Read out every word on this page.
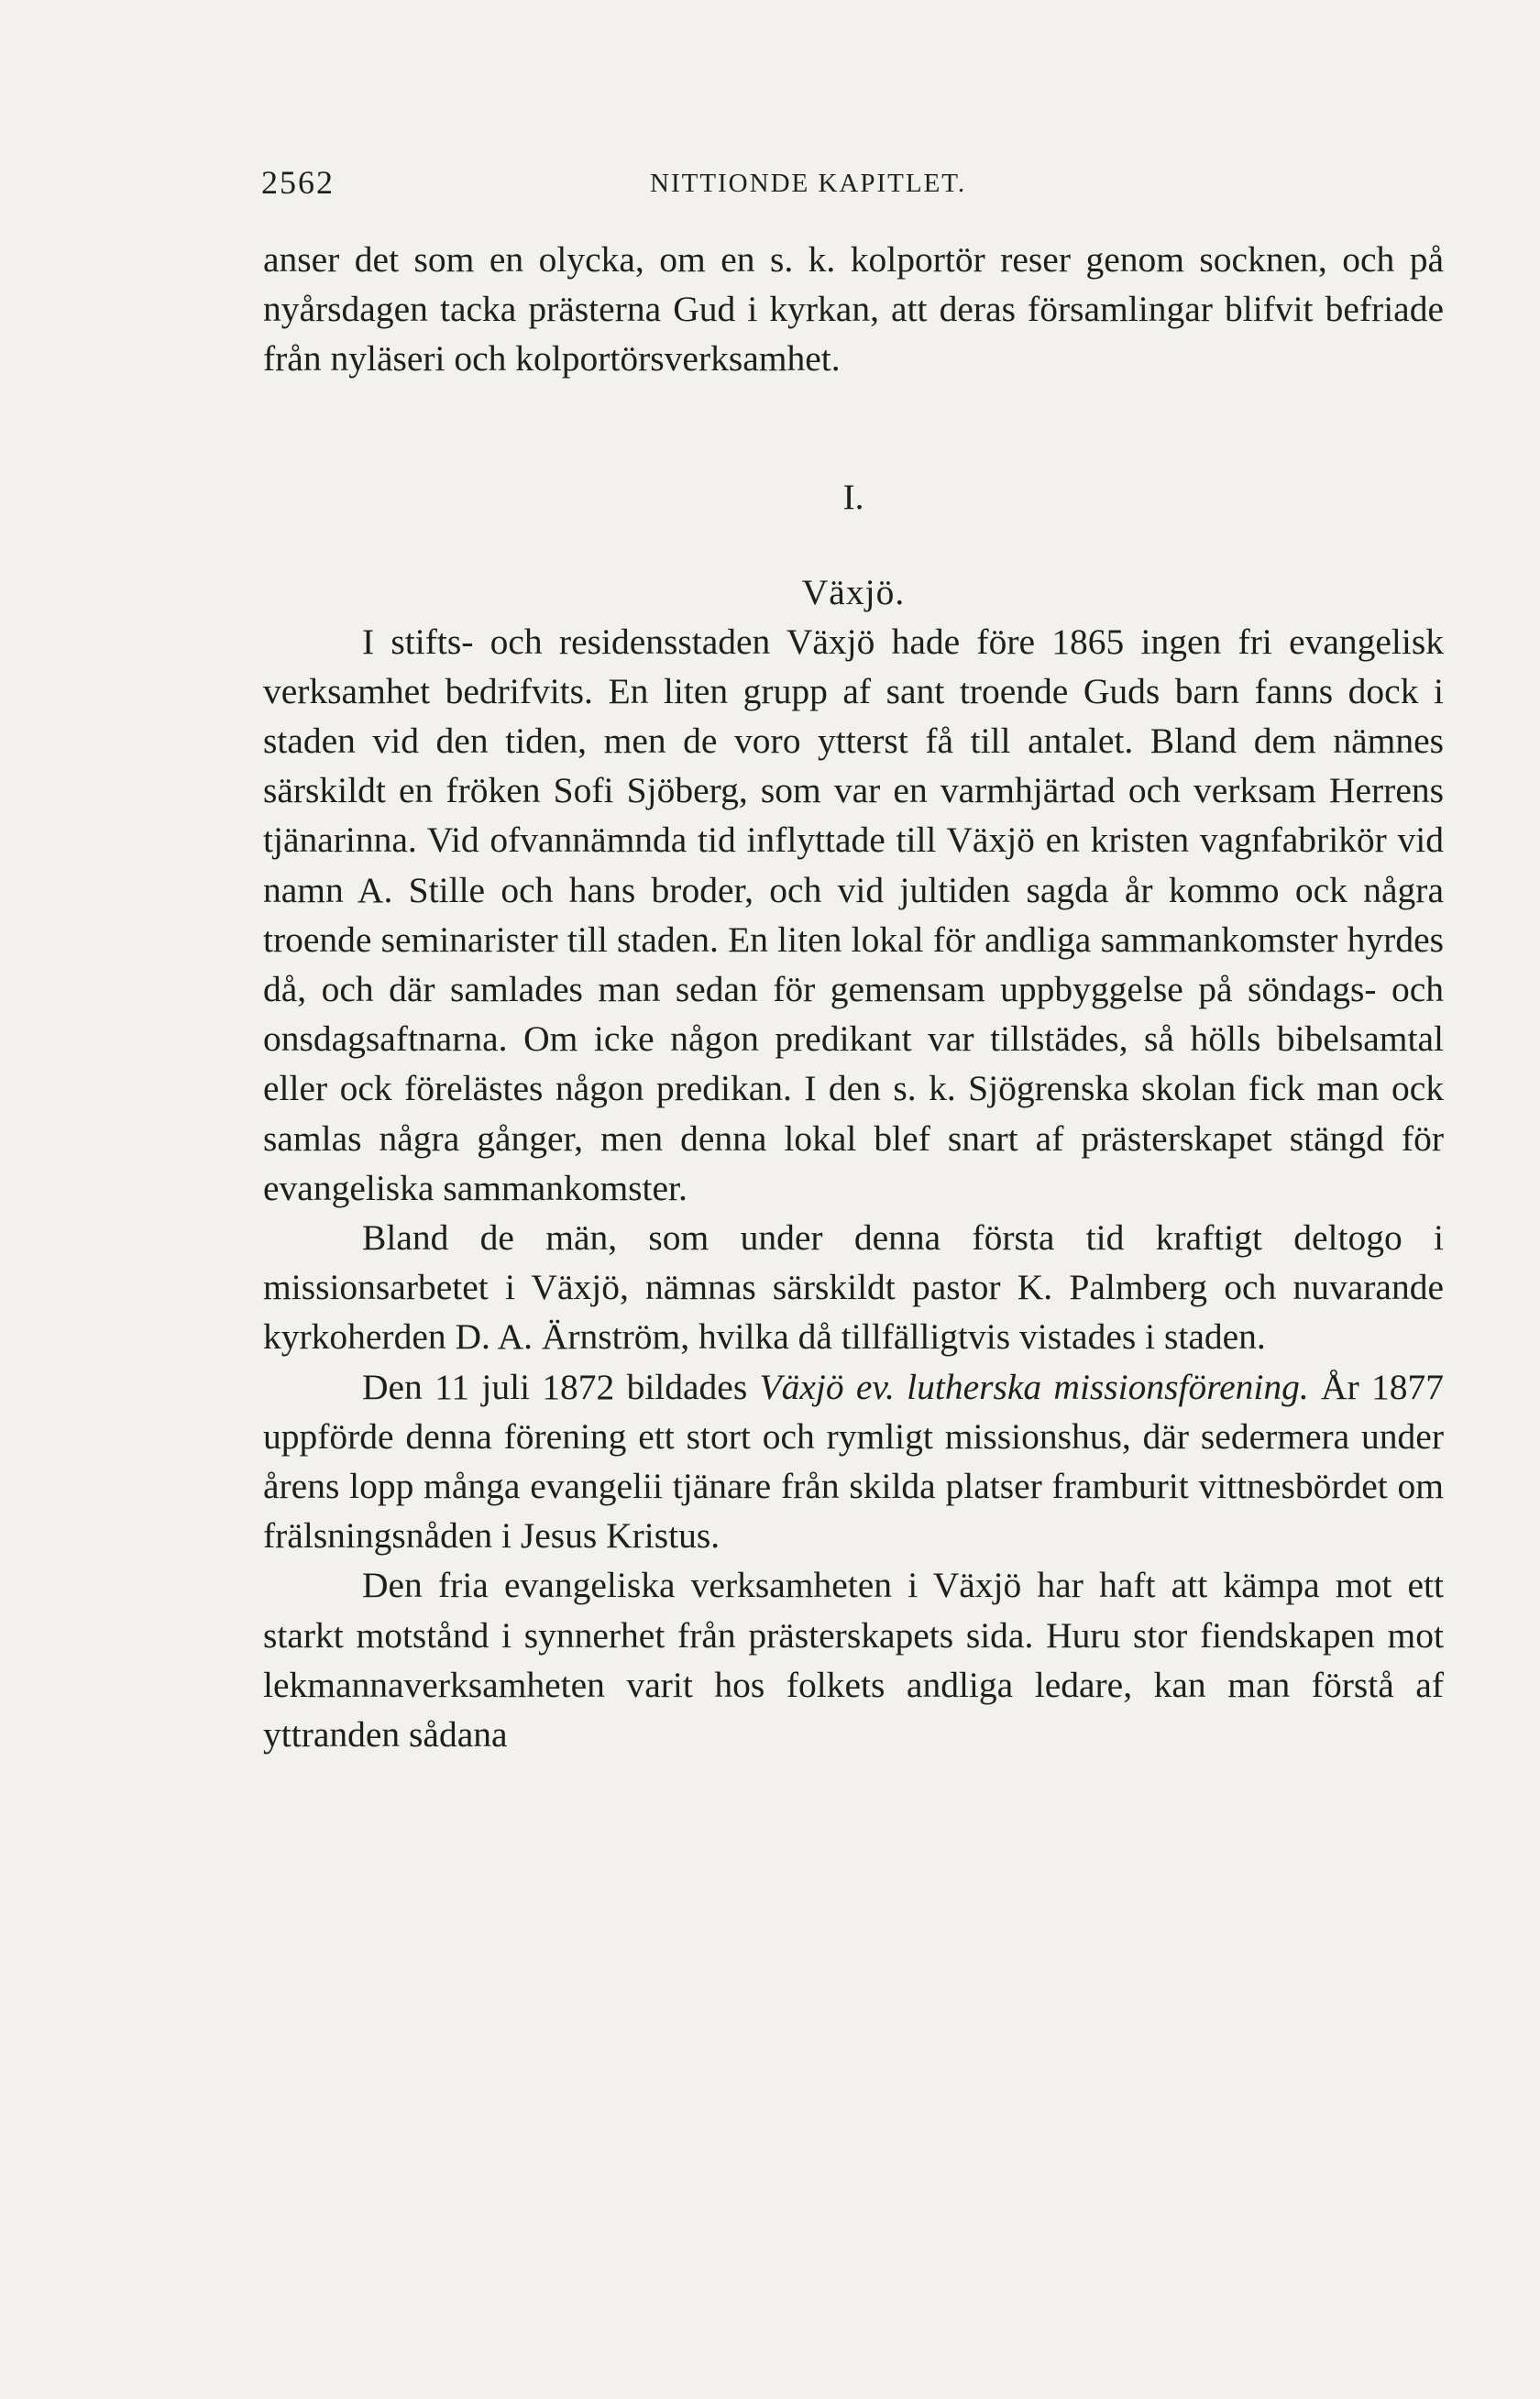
2562	NITTIONDE KAPITLET.

anser det som en olycka, om en s. k. kolportör reser genom socknen, och på nyårsdagen tacka prästerna Gud i kyrkan, att deras församlingar blifvit befriade från nyläseri och kolportörsverksamhet.

I.
Växjö.

I stifts- och residensstaden Växjö hade före 1865 ingen fri evangelisk verksamhet bedrifvits. En liten grupp af sant troende Guds barn fanns dock i staden vid den tiden, men de voro ytterst få till antalet. Bland dem nämnes särskildt en fröken Sofi Sjöberg, som var en varmhjärtad och verksam Herrens tjänarinna. Vid ofvannämnda tid inflyttade till Växjö en kristen vagnfabrikör vid namn A. Stille och hans broder, och vid jultiden sagda år kommo ock några troende seminarister till staden. En liten lokal för andliga sammankomster hyrdes då, och där samlades man sedan för gemensam uppbyggelse på söndags- och onsdagsaftnarna. Om icke någon predikant var tillstädes, så hölls bibelsamtal eller ock förelästes någon predikan. I den s. k. Sjögrenska skolan fick man ock samlas några gånger, men denna lokal blef snart af prästerskapet stängd för evangeliska sammankomster.

Bland de män, som under denna första tid kraftigt deltogo i missionsarbetet i Växjö, nämnas särskildt pastor K. Palmberg och nuvarande kyrkoherden D. A. Ärnström, hvilka då tillfälligtvis vistades i staden.

Den 11 juli 1872 bildades Växjö ev. lutherska missionsförening. År 1877 uppförde denna förening ett stort och rymligt missionshus, där sedermera under årens lopp många evangelii tjänare från skilda platser framburit vittnesbördet om frälsningsnåden i Jesus Kristus.

Den fria evangeliska verksamheten i Växjö har haft att kämpa mot ett starkt motstånd i synnerhet från prästerskapets sida. Huru stor fiendskapen mot lekmannaverksamheten varit hos folkets andliga ledare, kan man förstå af yttranden sådana
